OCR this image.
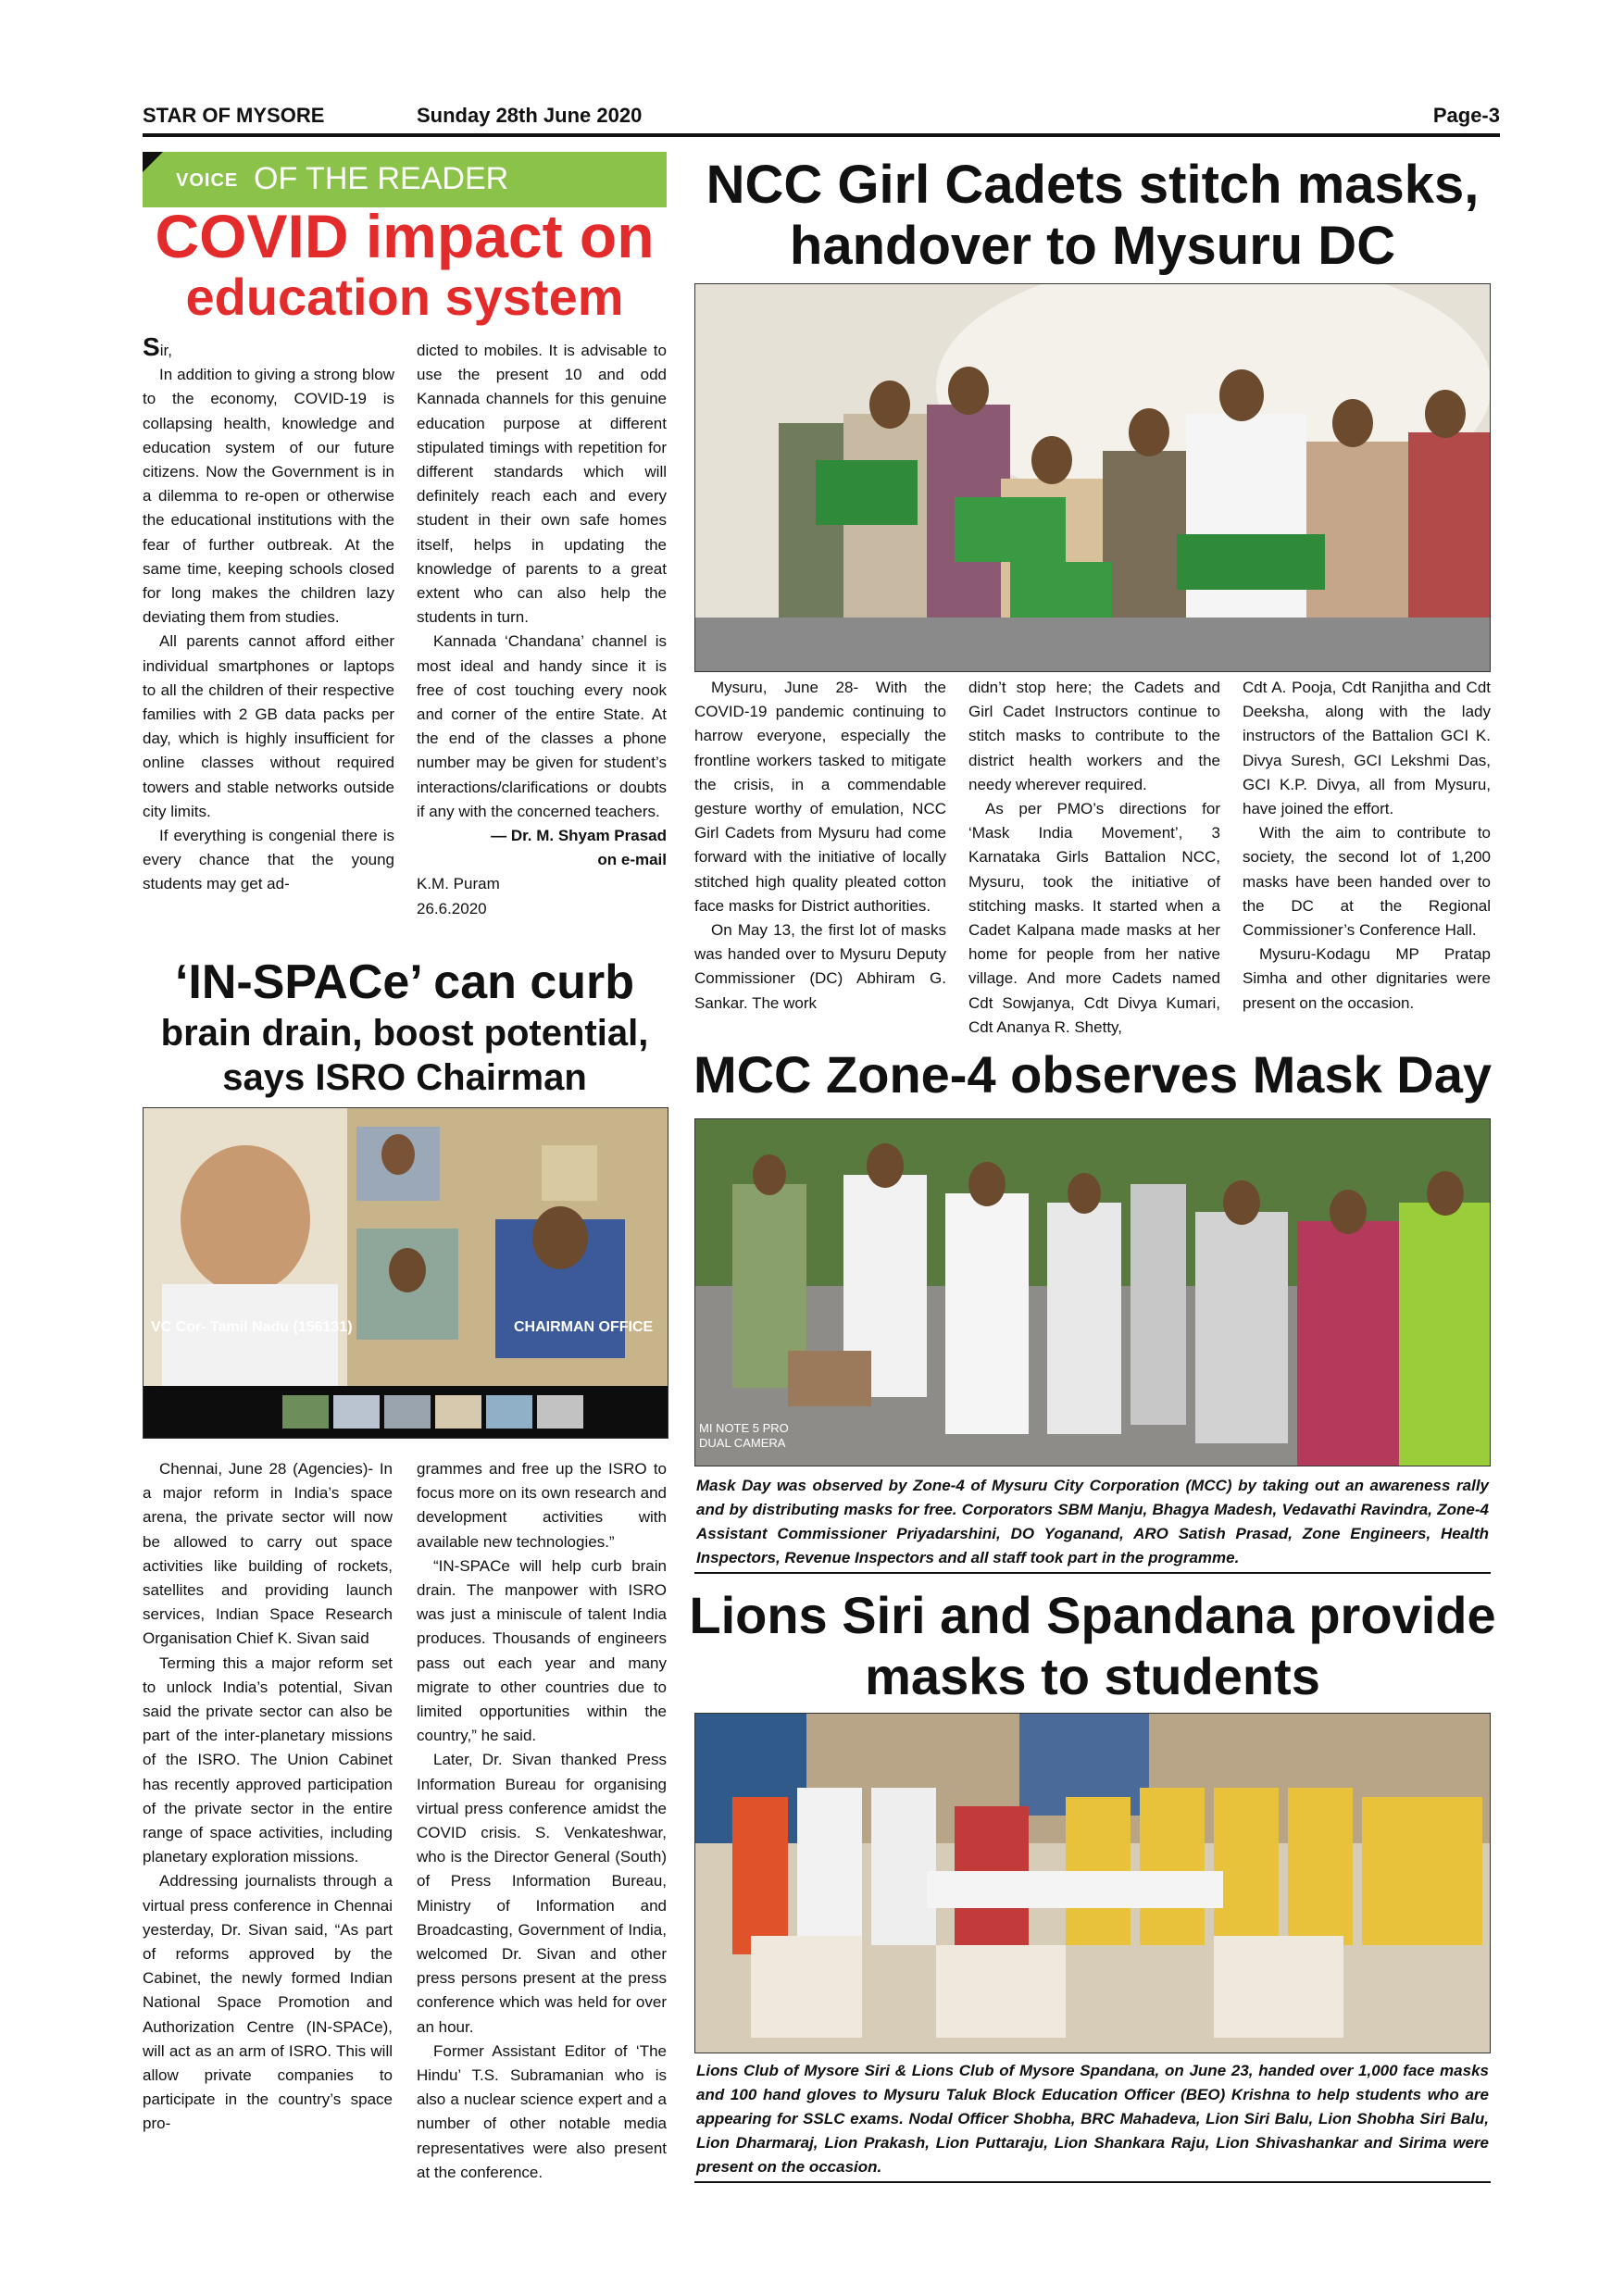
STAR OF MYSORE	Sunday 28th June 2020	Page-3
VOICE OF THE READER
COVID impact on
education system

Sir,

In addition to giving a strong blow to the economy, COVID-19 is collapsing health, knowledge and education system of our future citizens. Now the Government is in a dilemma to re-open or otherwise the educational institutions with the fear of further outbreak. At the same time, keeping schools closed for long makes the children lazy deviating them from studies.

All parents cannot afford either individual smartphones or laptops to all the children of their respective families with 2 GB data packs per day, which is highly insufficient for online classes without required towers and stable networks outside city limits.

If everything is congenial there is every chance that the young students may get ad-

dicted to mobiles. It is advisable to use the present 10 and odd Kannada channels for this genuine education purpose at different stipulated timings with repetition for different standards which will definitely reach each and every student in their own safe homes itself, helps in updating the knowledge of parents to a great extent who can also help the students in turn.

Kannada ‘Chandana’ channel is most ideal and handy since it is free of cost touching every nook and corner of the entire State. At the end of the classes a phone number may be given for student’s interactions/clarifications or doubts if any with the concerned teachers.

— Dr. M. Shyam Prasad

on e-mail

K.M. Puram

26.6.2020

‘IN-SPACe’ can curb
brain drain, boost potential,
says ISRO Chairman
VC Cor- Tamil Nadu (156131)	CHAIRMAN OFFICE

Chennai, June 28 (Agencies)- In a major reform in India’s space arena, the private sector will now be allowed to carry out space activities like building of rockets, satellites and providing launch services, Indian Space Research Organisation Chief K. Sivan said

Terming this a major reform set to unlock India’s potential, Sivan said the private sector can also be part of the inter-planetary missions of the ISRO. The Union Cabinet has recently approved participation of the private sector in the entire range of space activities, including planetary exploration missions.

Addressing journalists through a virtual press conference in Chennai yesterday, Dr. Sivan said, “As part of reforms approved by the Cabinet, the newly formed Indian National Space Promotion and Authorization Centre (IN-SPACe), will act as an arm of ISRO. This will allow private companies to participate in the country’s space pro-

grammes and free up the ISRO to focus more on its own research and development activities with available new technologies.”

“IN-SPACe will help curb brain drain. The manpower with ISRO was just a miniscule of talent India produces. Thousands of engineers pass out each year and many migrate to other countries due to limited opportunities within the country,” he said.

Later, Dr. Sivan thanked Press Information Bureau for organising virtual press conference amidst the COVID crisis. S. Venkateshwar, who is the Director General (South) of Press Information Bureau, Ministry of Information and Broadcasting, Government of India, welcomed Dr. Sivan and other press persons present at the press conference which was held for over an hour.

Former Assistant Editor of ‘The Hindu’ T.S. Subramanian who is also a nuclear science expert and a number of other notable media representatives were also present at the conference.

NCC Girl Cadets stitch masks,
handover to Mysuru DC

Mysuru, June 28- With the COVID-19 pandemic continuing to harrow everyone, especially the frontline workers tasked to mitigate the crisis, in a commendable gesture worthy of emulation, NCC Girl Cadets from Mysuru had come forward with the initiative of locally stitched high quality pleated cotton face masks for District authorities.

On May 13, the first lot of masks was handed over to Mysuru Deputy Commissioner (DC) Abhiram G. Sankar. The work

didn’t stop here; the Cadets and Girl Cadet Instructors continue to stitch masks to contribute to the district health workers and the needy wherever required.

As per PMO’s directions for ‘Mask India Movement’, 3 Karnataka Girls Battalion NCC, Mysuru, took the initiative of stitching masks. It started when a Cadet Kalpana made masks at her home for people from her native village. And more Cadets named Cdt Sowjanya, Cdt Divya Kumari, Cdt Ananya R. Shetty,

Cdt A. Pooja, Cdt Ranjitha and Cdt Deeksha, along with the lady instructors of the Battalion GCI K. Divya Suresh, GCI Lekshmi Das, GCI K.P. Divya, all from Mysuru, have joined the effort.

With the aim to contribute to society, the second lot of 1,200 masks have been handed over to the DC at the Regional Commissioner’s Conference Hall.

Mysuru-Kodagu MP Pratap Simha and other dignitaries were present on the occasion.

MCC Zone-4 observes Mask Day
MI NOTE 5 PRO
DUAL CAMERA
Mask Day was observed by Zone-4 of Mysuru City Corporation (MCC) by taking out an awareness rally and by distributing masks for free. Corporators SBM Manju, Bhagya Madesh, Vedavathi Ravindra, Zone-4 Assistant Commissioner Priyadarshini, DO Yoganand, ARO Satish Prasad, Zone Engineers, Health Inspectors, Revenue Inspectors and all staff took part in the programme.
Lions Siri and Spandana provide
masks to students
Lions Club of Mysore Siri & Lions Club of Mysore Spandana, on June 23, handed over 1,000 face masks and 100 hand gloves to Mysuru Taluk Block Education Officer (BEO) Krishna to help students who are appearing for SSLC exams. Nodal Officer Shobha, BRC Mahadeva, Lion Siri Balu, Lion Shobha Siri Balu, Lion Dharmaraj, Lion Prakash, Lion Puttaraju, Lion Shankara Raju, Lion Shivashankar and Sirima were present on the occasion.
